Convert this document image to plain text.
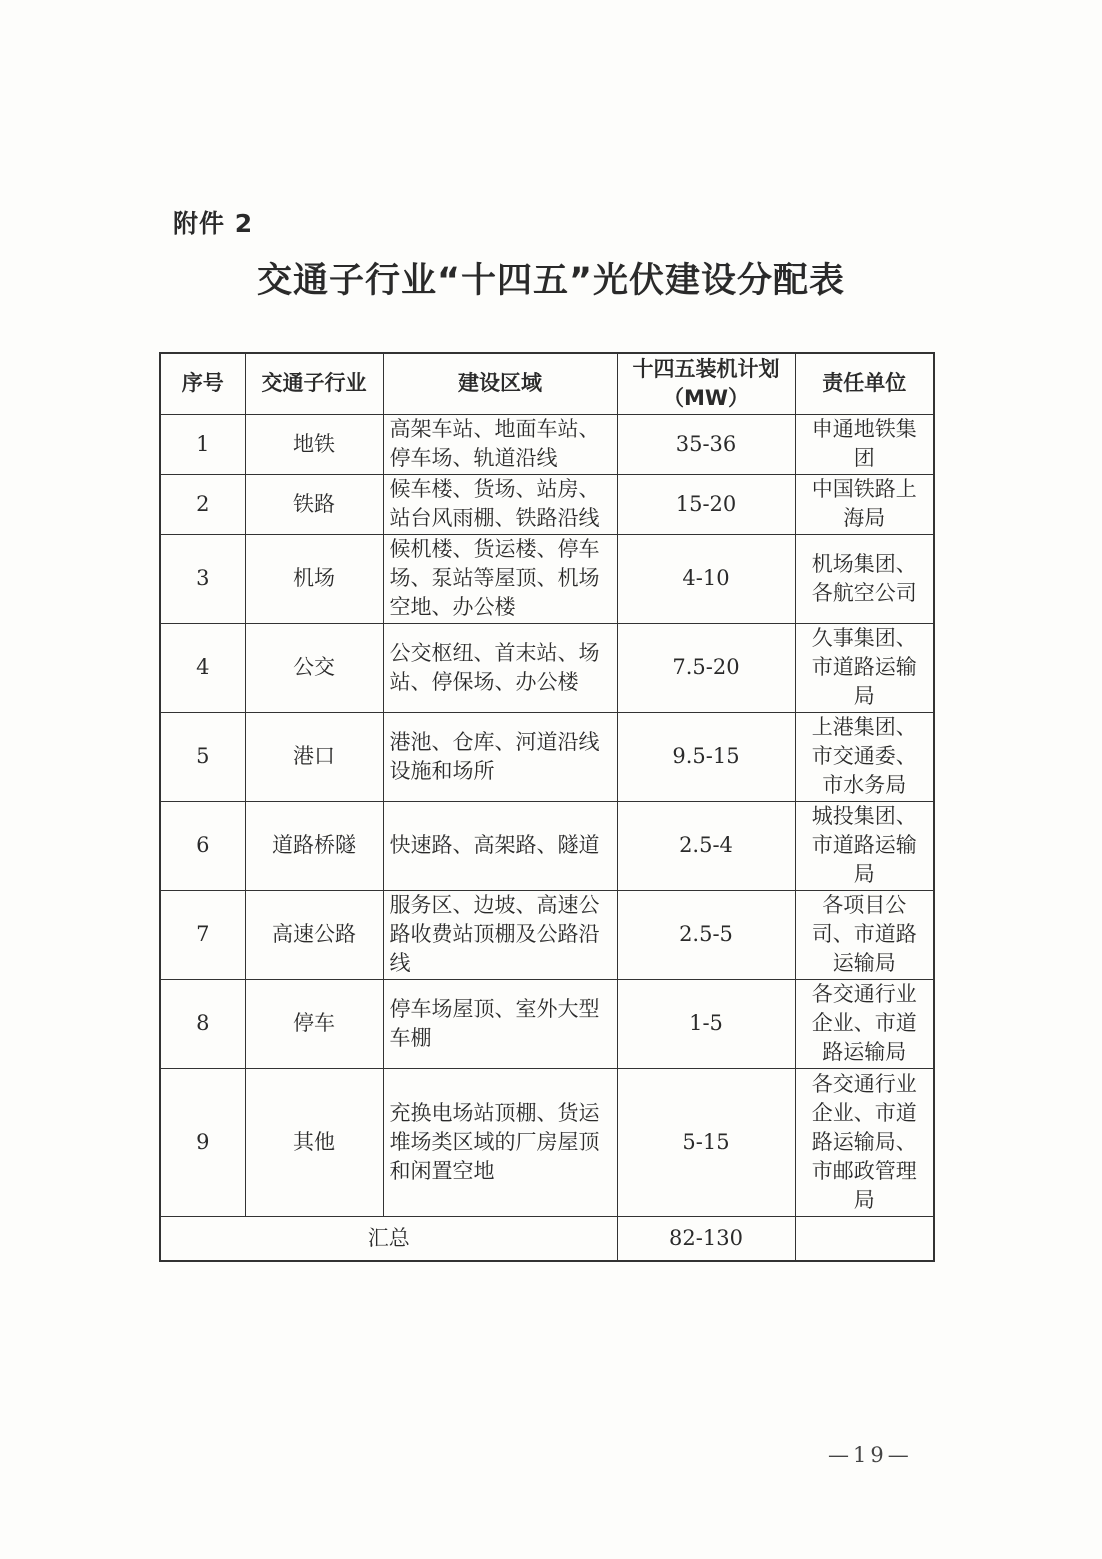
附件 2
交通子行业“十四五”光伏建设分配表
序号	交通子行业	建设区域	十四五装机计划（MW）	责任单位
1	地铁	高架车站、地面车站、停车场、轨道沿线	35-36	申通地铁集团
2	铁路	候车楼、货场、站房、站台风雨棚、铁路沿线	15-20	中国铁路上海局
3	机场	候机楼、货运楼、停车场、泵站等屋顶、机场空地、办公楼	4-10	机场集团、各航空公司
4	公交	公交枢纽、首末站、场站、停保场、办公楼	7.5-20	久事集团、市道路运输局
5	港口	港池、仓库、河道沿线设施和场所	9.5-15	上港集团、市交通委、市水务局
6	道路桥隧	快速路、高架路、隧道	2.5-4	城投集团、市道路运输局
7	高速公路	服务区、边坡、高速公路收费站顶棚及公路沿线	2.5-5	各项目公司、市道路运输局
8	停车	停车场屋顶、室外大型车棚	1-5	各交通行业企业、市道路运输局
9	其他	充换电场站顶棚、货运堆场类区域的厂房屋顶和闲置空地	5-15	各交通行业企业、市道路运输局、市邮政管理局
汇总			82-130	
—19—
